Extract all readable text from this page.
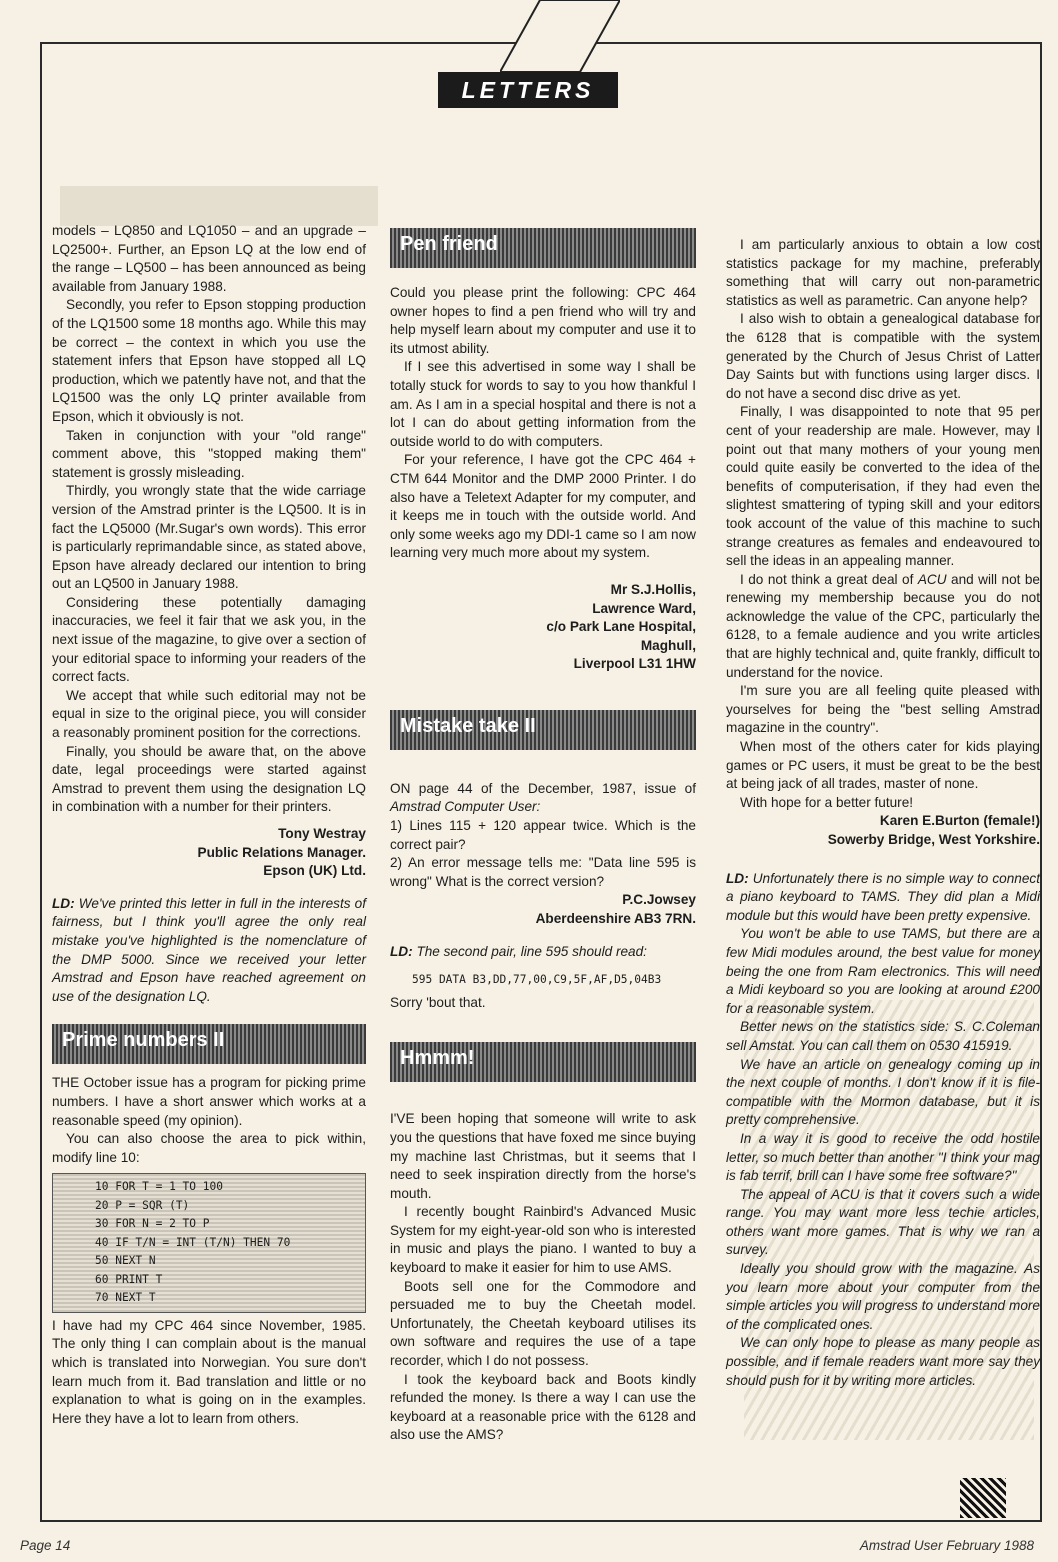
LETTERS

models – LQ850 and LQ1050 – and an upgrade – LQ2500+. Further, an Epson LQ at the low end of the range – LQ500 – has been announced as being available from January 1988.

Secondly, you refer to Epson stopping production of the LQ1500 some 18 months ago. While this may be correct – the context in which you use the statement infers that Epson have stopped all LQ production, which we patently have not, and that the LQ1500 was the only LQ printer available from Epson, which it obviously is not.

Taken in conjunction with your "old range" comment above, this "stopped making them" statement is grossly misleading.

Thirdly, you wrongly state that the wide carriage version of the Amstrad printer is the LQ500. It is in fact the LQ5000 (Mr.Sugar's own words). This error is particularly reprimandable since, as stated above, Epson have already declared our intention to bring out an LQ500 in January 1988.

Considering these potentially damaging inaccuracies, we feel it fair that we ask you, in the next issue of the magazine, to give over a section of your editorial space to informing your readers of the correct facts.

We accept that while such editorial may not be equal in size to the original piece, you will consider a reasonably prominent position for the corrections.

Finally, you should be aware that, on the above date, legal proceedings were started against Amstrad to prevent them using the designation LQ in combination with a number for their printers.

Tony Westray

Public Relations Manager.

Epson (UK) Ltd.

LD: We've printed this letter in full in the interests of fairness, but I think you'll agree the only real mistake you've highlighted is the nomenclature of the DMP 5000. Since we received your letter Amstrad and Epson have reached agreement on use of the designation LQ.

Prime numbers II

THE October issue has a program for picking prime numbers. I have a short answer which works at a reasonable speed (my opinion).

You can also choose the area to pick within, modify line 10:

10 FOR T = 1 TO 100
20 P = SQR (T)
30 FOR N = 2 TO P
40 IF T/N = INT (T/N) THEN 70
50 NEXT N
60 PRINT T
70 NEXT T

I have had my CPC 464 since November, 1985. The only thing I can complain about is the manual which is translated into Norwegian. You sure don't learn much from it. Bad translation and little or no explanation to what is going on in the examples. Here they have a lot to learn from others.

Pen friend

Could you please print the following: CPC 464 owner hopes to find a pen friend who will try and help myself learn about my computer and use it to its utmost ability.

If I see this advertised in some way I shall be totally stuck for words to say to you how thankful I am. As I am in a special hospital and there is not a lot I can do about getting information from the outside world to do with computers.

For your reference, I have got the CPC 464 + CTM 644 Monitor and the DMP 2000 Printer. I do also have a Teletext Adapter for my computer, and it keeps me in touch with the outside world. And only some weeks ago my DDI-1 came so I am now learning very much more about my system.

Mr S.J.Hollis,

Lawrence Ward,

c/o Park Lane Hospital,

Maghull,

Liverpool L31 1HW

Mistake take II

ON page 44 of the December, 1987, issue of Amstrad Computer User:

1) Lines 115 + 120 appear twice. Which is the correct pair?

2) An error message tells me: "Data line 595 is wrong" What is the correct version?

P.C.Jowsey

Aberdeenshire AB3 7RN.

LD: The second pair, line 595 should read:

595 DATA B3,DD,77,00,C9,5F,AF,D5,04B3

Sorry 'bout that.

Hmmm!

I'VE been hoping that someone will write to ask you the questions that have foxed me since buying my machine last Christmas, but it seems that I need to seek inspiration directly from the horse's mouth.

I recently bought Rainbird's Advanced Music System for my eight-year-old son who is interested in music and plays the piano. I wanted to buy a keyboard to make it easier for him to use AMS.

Boots sell one for the Commodore and persuaded me to buy the Cheetah model. Unfortunately, the Cheetah keyboard utilises its own software and requires the use of a tape recorder, which I do not possess.

I took the keyboard back and Boots kindly refunded the money. Is there a way I can use the keyboard at a reasonable price with the 6128 and also use the AMS?

I am particularly anxious to obtain a low cost statistics package for my machine, preferably something that will carry out non-parametric statistics as well as parametric. Can anyone help?

I also wish to obtain a genealogical database for the 6128 that is compatible with the system generated by the Church of Jesus Christ of Latter Day Saints but with functions using larger discs. I do not have a second disc drive as yet.

Finally, I was disappointed to note that 95 per cent of your readership are male. However, may I point out that many mothers of your young men could quite easily be converted to the idea of the benefits of computerisation, if they had even the slightest smattering of typing skill and your editors took account of the value of this machine to such strange creatures as females and endeavoured to sell the ideas in an appealing manner.

I do not think a great deal of ACU and will not be renewing my membership because you do not acknowledge the value of the CPC, particularly the 6128, to a female audience and you write articles that are highly technical and, quite frankly, difficult to understand for the novice.

I'm sure you are all feeling quite pleased with yourselves for being the "best selling Amstrad magazine in the country".

When most of the others cater for kids playing games or PC users, it must be great to be the best at being jack of all trades, master of none.

With hope for a better future!

Karen E.Burton (female!)

Sowerby Bridge, West Yorkshire.

LD: Unfortunately there is no simple way to connect a piano keyboard to TAMS. They did plan a Midi module but this would have been pretty expensive.

You won't be able to use TAMS, but there are a few Midi modules around, the best value for money being the one from Ram electronics. This will need a Midi keyboard so you are looking at around £200 for a reasonable system.

Better news on the statistics side: S. C.Coleman sell Amstat. You can call them on 0530 415919.

We have an article on genealogy coming up in the next couple of months. I don't know if it is file-compatible with the Mormon database, but it is pretty comprehensive.

In a way it is good to receive the odd hostile letter, so much better than another "I think your mag is fab terrif, brill can I have some free software?"

The appeal of ACU is that it covers such a wide range. You may want more less techie articles, others want more games. That is why we ran a survey.

Ideally you should grow with the magazine. As you learn more about your computer from the simple articles you will progress to understand more of the complicated ones.

We can only hope to please as many people as possible, and if female readers want more say they should push for it by writing more articles.

Page 14	Amstrad User February 1988
